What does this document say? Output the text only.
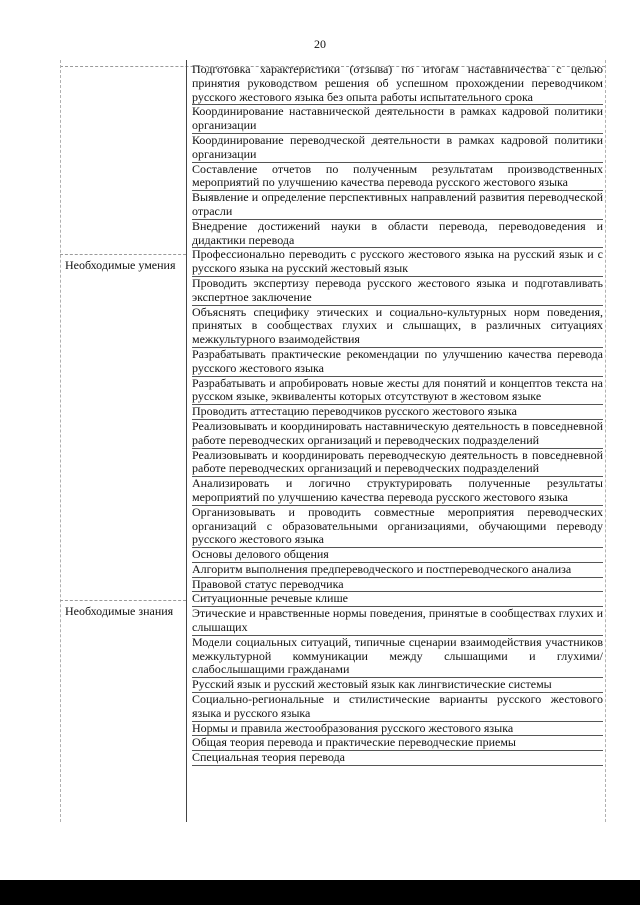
20
Необходимые умения
Необходимые знания

Подготовка характеристики (отзыва) по итогам наставничества с целью принятия руководством решения об успешном прохождении переводчиком русского жестового языка без опыта работы испытательного срока

Координирование наставнической деятельности в рамках кадровой политики организации

Координирование переводческой деятельности в рамках кадровой политики организации

Составление отчетов по полученным результатам производственных мероприятий по улучшению качества перевода русского жестового языка

Выявление и определение перспективных направлений развития переводческой отрасли

Внедрение достижений науки в области перевода, переводоведения и дидактики перевода

Профессионально переводить с русского жестового языка на русский язык и с русского языка на русский жестовый язык

Проводить экспертизу перевода русского жестового языка и подготавливать экспертное заключение

Объяснять специфику этических и социально-культурных норм поведения, принятых в сообществах глухих и слышащих, в различных ситуациях межкультурного взаимодействия

Разрабатывать практические рекомендации по улучшению качества перевода русского жестового языка

Разрабатывать и апробировать новые жесты для понятий и концептов текста на русском языке, эквиваленты которых отсутствуют в жестовом языке

Проводить аттестацию переводчиков русского жестового языка

Реализовывать и координировать наставническую деятельность в повседневной работе переводческих организаций и переводческих подразделений

Реализовывать и координировать переводческую деятельность в повседневной работе переводческих организаций и переводческих подразделений

Анализировать и логично структурировать полученные результаты мероприятий по улучшению качества перевода русского жестового языка

Организовывать и проводить совместные мероприятия переводческих организаций с образовательными организациями, обучающими переводу русского жестового языка

Основы делового общения

Алгоритм выполнения предпереводческого и постпереводческого анализа

Правовой статус переводчика

Ситуационные речевые клише

Этические и нравственные нормы поведения, принятые в сообществах глухих и слышащих

Модели социальных ситуаций, типичные сценарии взаимодействия участников межкультурной коммуникации между слышащими и глухими/слабослышащими гражданами

Русский язык и русский жестовый язык как лингвистические системы

Социально-региональные и стилистические варианты русского жестового языка и русского языка

Нормы и правила жестообразования русского жестового языка

Общая теория перевода и практические переводческие приемы

Специальная теория перевода
